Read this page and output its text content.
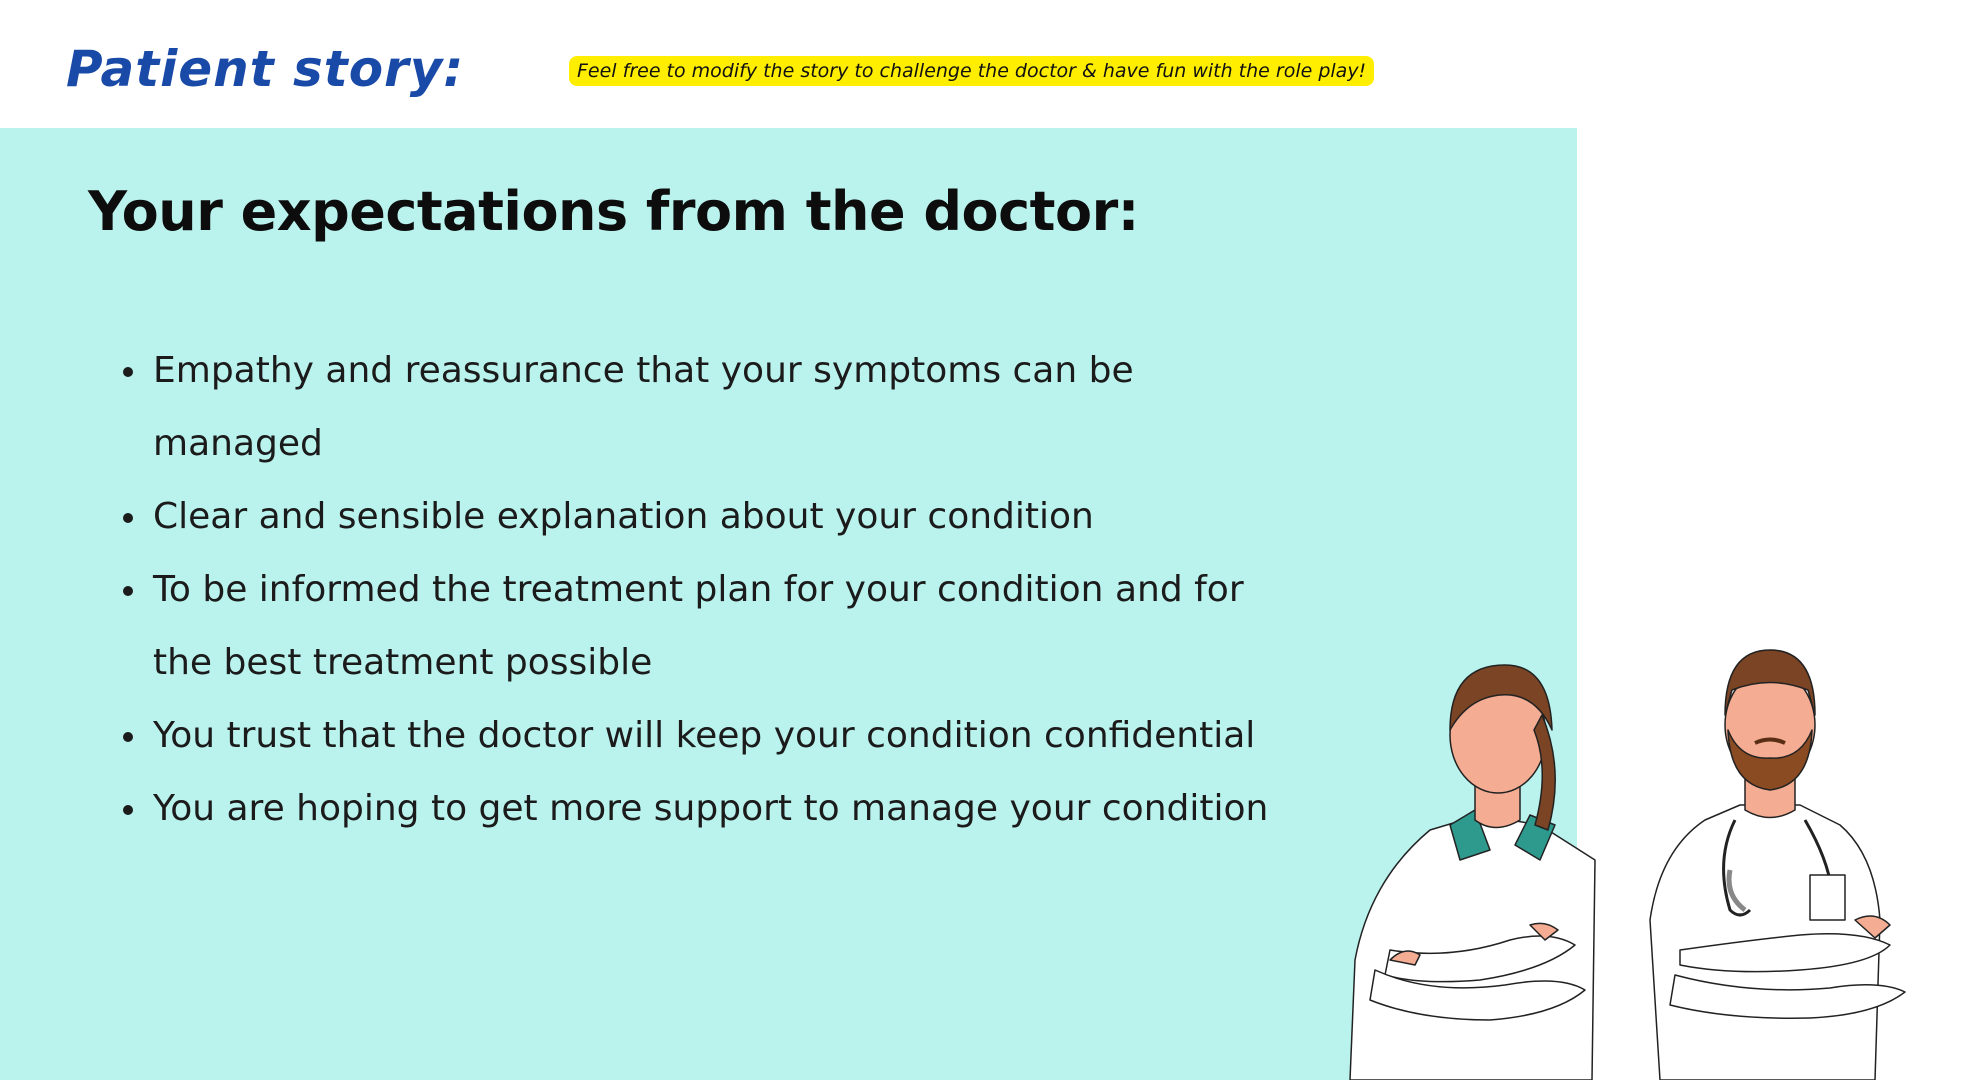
Patient story:	Feel free to modify the story to challenge the doctor & have fun with the role play!
Your expectations from the doctor:
Empathy and reassurance that your symptoms can be managed
Clear and sensible explanation about your condition
To be informed the treatment plan for your condition and for the best treatment possible
You trust that the doctor will keep your condition confidential
You are hoping to get more support to manage your condition
